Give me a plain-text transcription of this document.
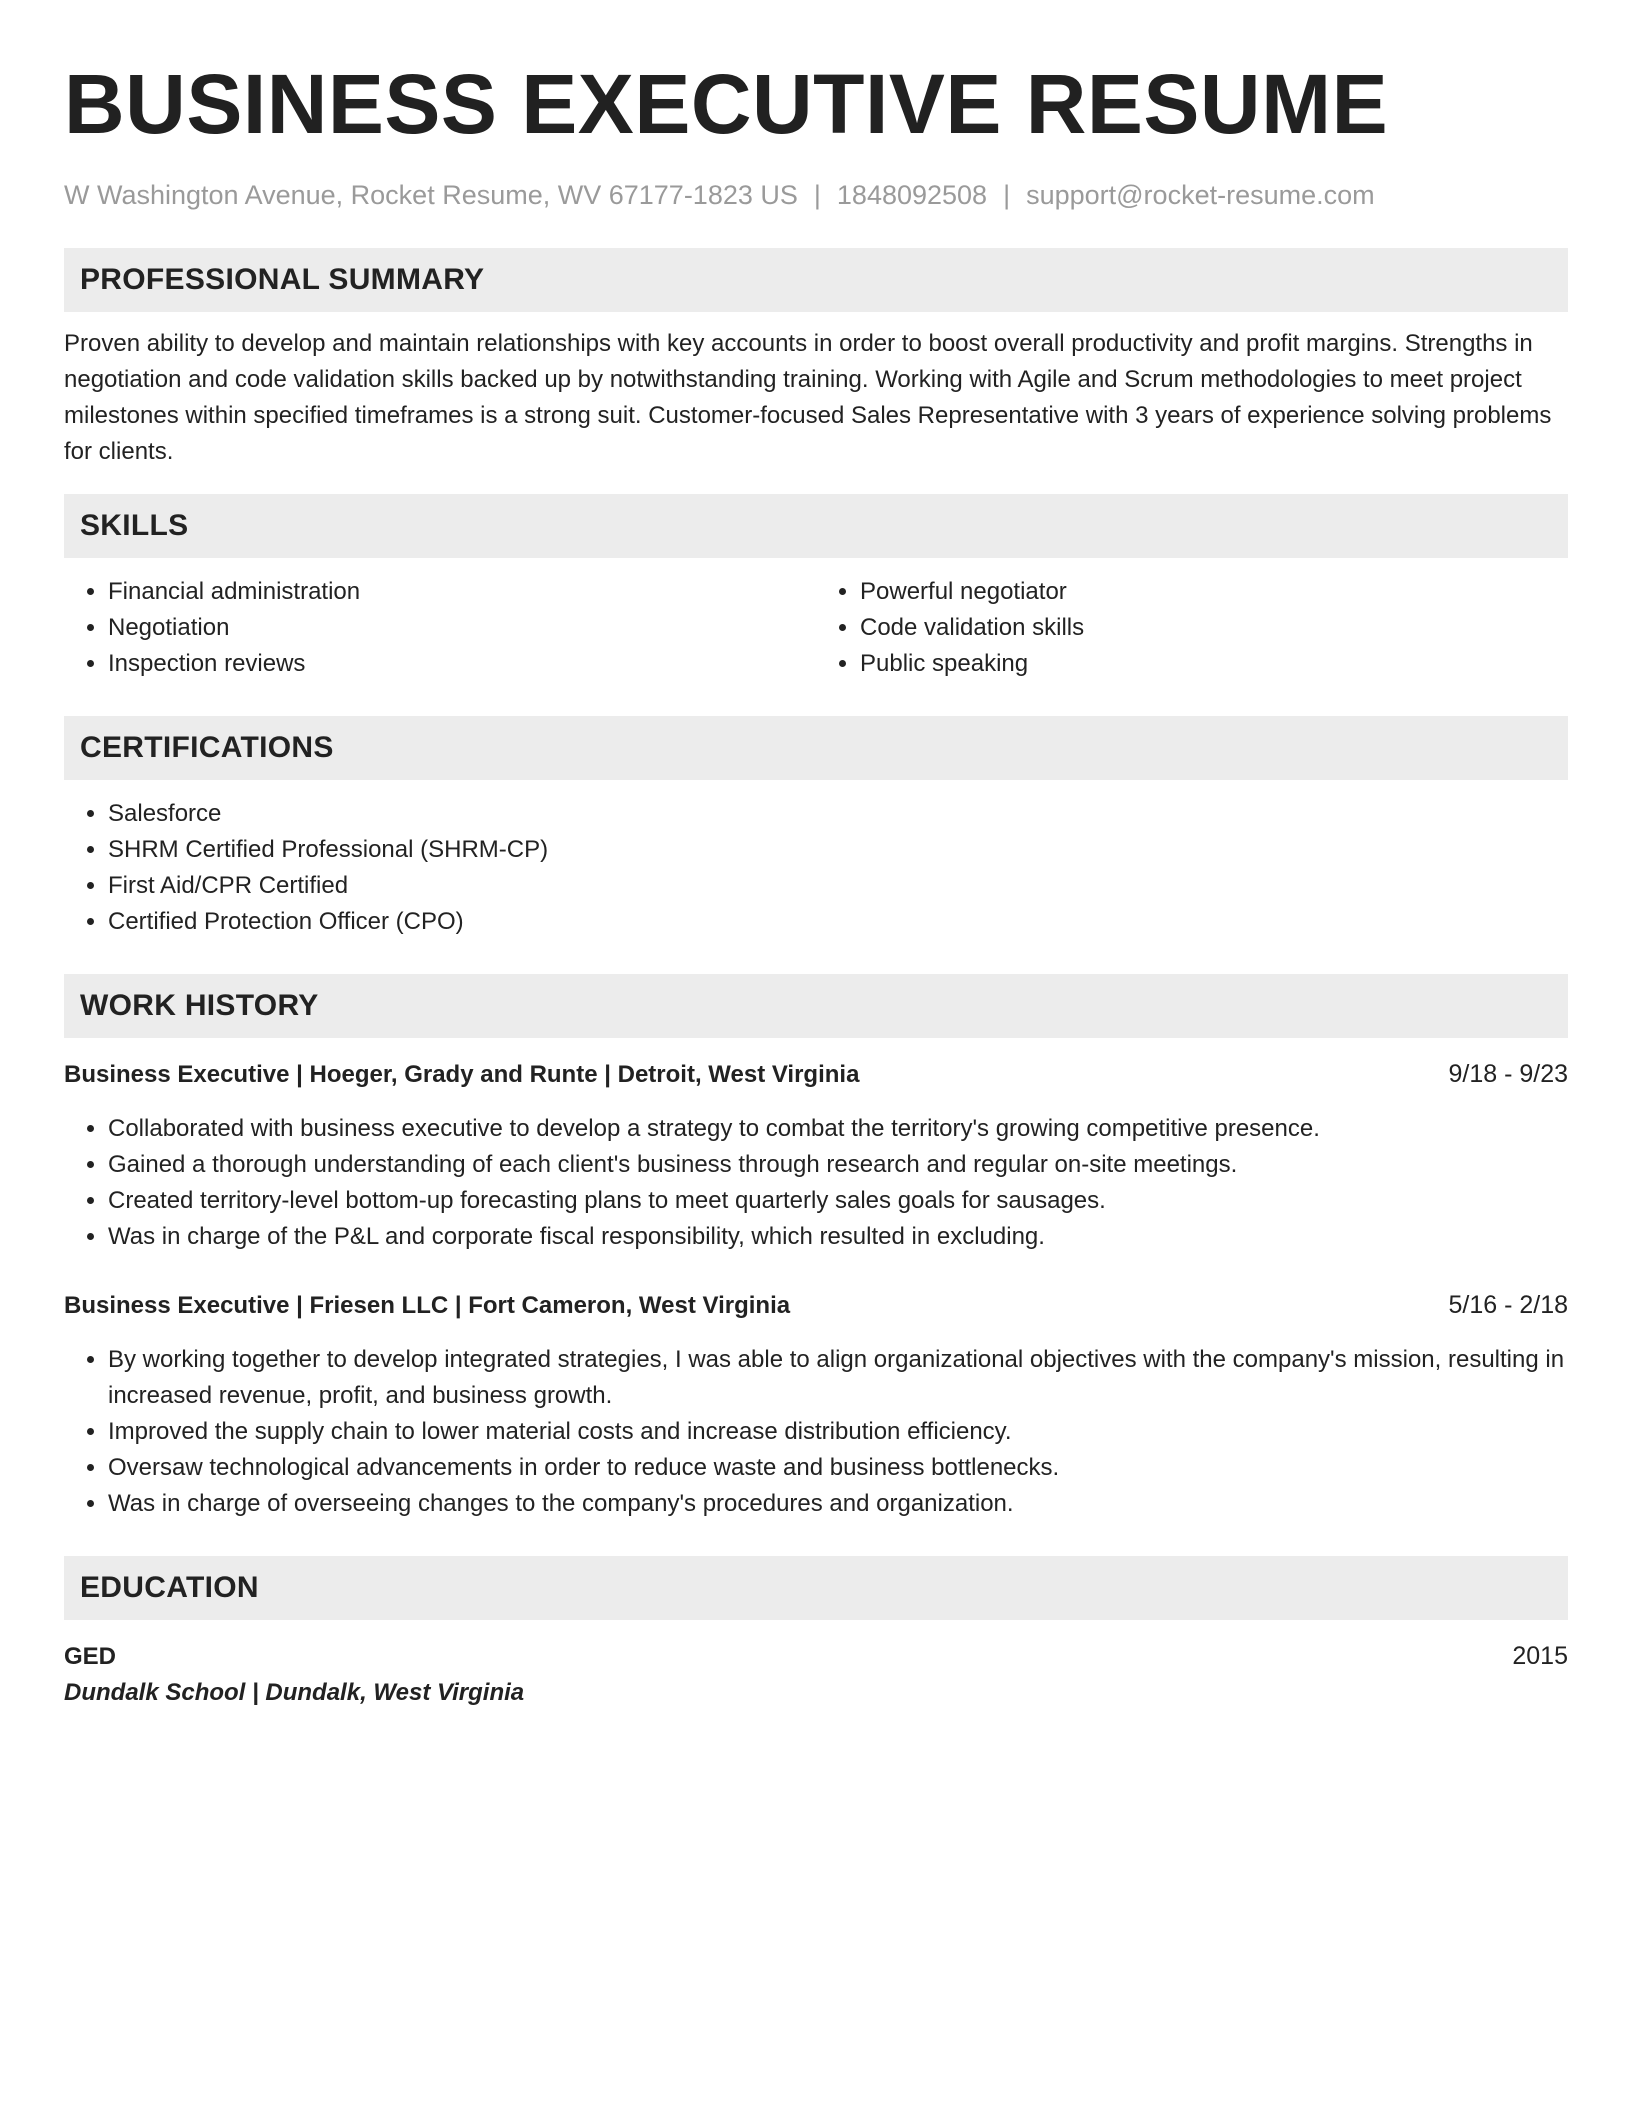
BUSINESS EXECUTIVE RESUME
W Washington Avenue, Rocket Resume, WV 67177-1823 US | 1848092508 | support@rocket-resume.com
PROFESSIONAL SUMMARY

Proven ability to develop and maintain relationships with key accounts in order to boost overall productivity and profit margins. Strengths in negotiation and code validation skills backed up by notwithstanding training. Working with Agile and Scrum methodologies to meet project milestones within specified timeframes is a strong suit. Customer-focused Sales Representative with 3 years of experience solving problems for clients.

SKILLS
• Financial administration
• Negotiation
• Inspection reviews
• Powerful negotiator
• Code validation skills
• Public speaking
CERTIFICATIONS
• Salesforce
• SHRM Certified Professional (SHRM-CP)
• First Aid/CPR Certified
• Certified Protection Officer (CPO)
WORK HISTORY
Business Executive | Hoeger, Grady and Runte | Detroit, West Virginia	9/18 - 9/23
• Collaborated with business executive to develop a strategy to combat the territory's growing competitive presence.
• Gained a thorough understanding of each client's business through research and regular on-site meetings.
• Created territory-level bottom-up forecasting plans to meet quarterly sales goals for sausages.
• Was in charge of the P&L and corporate fiscal responsibility, which resulted in excluding.
Business Executive | Friesen LLC | Fort Cameron, West Virginia	5/16 - 2/18
• By working together to develop integrated strategies, I was able to align organizational objectives with the company's mission, resulting in increased revenue, profit, and business growth.
• Improved the supply chain to lower material costs and increase distribution efficiency.
• Oversaw technological advancements in order to reduce waste and business bottlenecks.
• Was in charge of overseeing changes to the company's procedures and organization.
EDUCATION
GED	2015
Dundalk School | Dundalk, West Virginia
